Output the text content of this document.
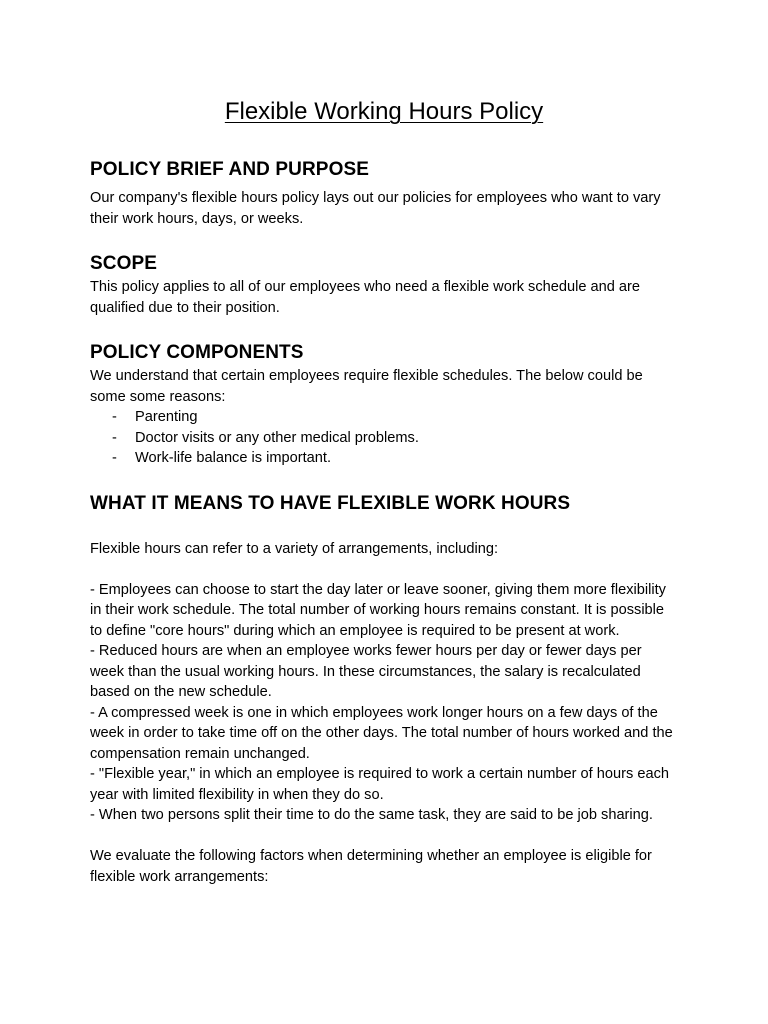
Flexible Working Hours Policy
POLICY BRIEF AND PURPOSE

Our company's flexible hours policy lays out our policies for employees who want to vary their work hours, days, or weeks.

SCOPE

This policy applies to all of our employees who need a flexible work schedule and are qualified due to their position.

POLICY COMPONENTS

We understand that certain employees require flexible schedules. The below could be some some reasons:

- Parenting
- Doctor visits or any other medical problems.
- Work-life balance is important.
WHAT IT MEANS TO HAVE FLEXIBLE WORK HOURS

Flexible hours can refer to a variety of arrangements, including:

- Employees can choose to start the day later or leave sooner, giving them more flexibility in their work schedule. The total number of working hours remains constant. It is possible to define "core hours" during which an employee is required to be present at work.

- Reduced hours are when an employee works fewer hours per day or fewer days per week than the usual working hours. In these circumstances, the salary is recalculated based on the new schedule.

- A compressed week is one in which employees work longer hours on a few days of the week in order to take time off on the other days. The total number of hours worked and the compensation remain unchanged.

- "Flexible year," in which an employee is required to work a certain number of hours each year with limited flexibility in when they do so.

- When two persons split their time to do the same task, they are said to be job sharing.

We evaluate the following factors when determining whether an employee is eligible for flexible work arrangements:
